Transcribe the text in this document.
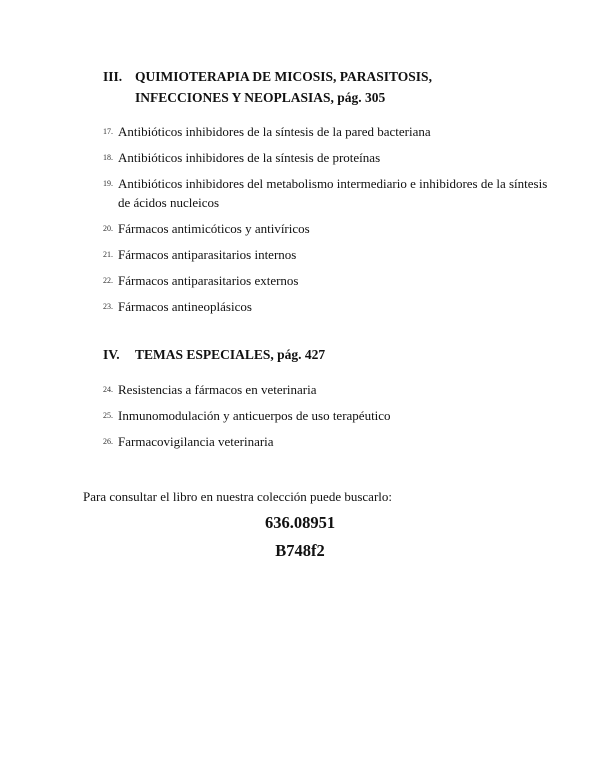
III. QUIMIOTERAPIA DE MICOSIS, PARASITOSIS, INFECCIONES Y NEOPLASIAS, pág. 305
17. Antibióticos inhibidores de la síntesis de la pared bacteriana
18. Antibióticos inhibidores de la síntesis de proteínas
19. Antibióticos inhibidores del metabolismo intermediario e inhibidores de la síntesis de ácidos nucleicos
20. Fármacos antimicóticos y antivíricos
21. Fármacos antiparasitarios internos
22. Fármacos antiparasitarios externos
23. Fármacos antineoplásicos
IV.	TEMAS ESPECIALES, pág. 427
24. Resistencias a fármacos en veterinaria
25. Inmunomodulación y anticuerpos de uso terapéutico
26. Farmacovigilancia veterinaria
Para consultar el libro en nuestra colección puede buscarlo:
636.08951
B748f2
